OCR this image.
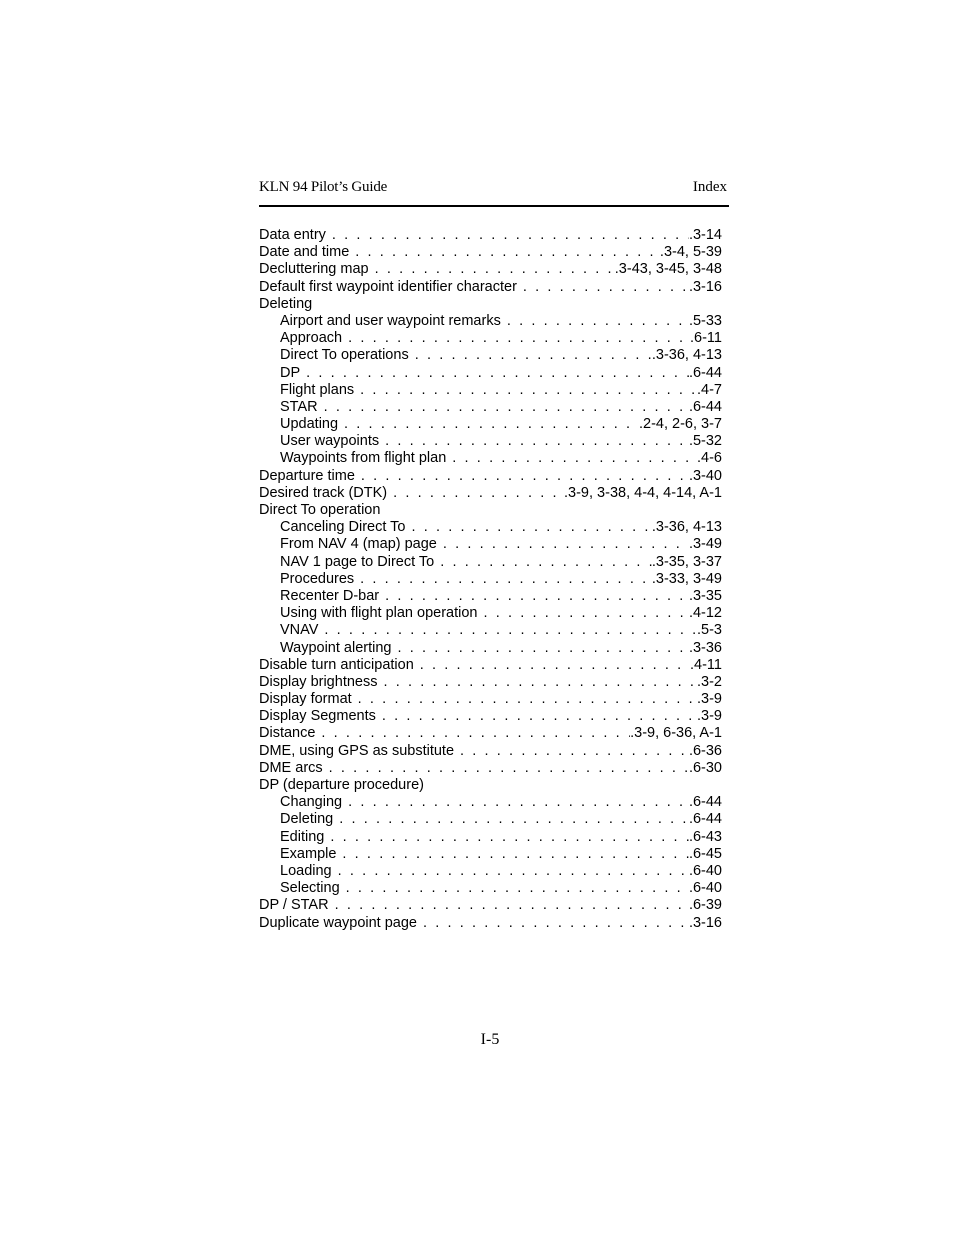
KLN 94 Pilot’s Guide	Index
Data entry . . .	.3-14
Date and time . . .	.3-4, 5-39
Decluttering map . . .	.3-43, 3-45, 3-48
Default first waypoint identifier character . . .	.3-16
Deleting
Airport and user waypoint remarks . . .	.5-33
Approach . . .	.6-11
Direct To operations . . .	.3-36, 4-13
DP . . .	.6-44
Flight plans . . .	.4-7
STAR . . .	.6-44
Updating . . .	.2-4, 2-6, 3-7
User waypoints . . .	.5-32
Waypoints from flight plan . . .	.4-6
Departure time . . .	.3-40
Desired track (DTK) . . .	.3-9, 3-38, 4-4, 4-14, A-1
Direct To operation
Canceling Direct To . . .	.3-36, 4-13
From NAV 4 (map) page . . .	.3-49
NAV 1 page to Direct To . . .	.3-35, 3-37
Procedures . . .	.3-33, 3-49
Recenter D-bar . . .	.3-35
Using with flight plan operation . . .	.4-12
VNAV . . .	.5-3
Waypoint alerting . . .	.3-36
Disable turn anticipation . . .	.4-11
Display brightness . . .	.3-2
Display format . . .	.3-9
Display Segments . . .	.3-9
Distance . . .	.3-9, 6-36, A-1
DME, using GPS as substitute . . .	.6-36
DME arcs . . .	.6-30
DP (departure procedure)
Changing . . .	.6-44
Deleting . . .	.6-44
Editing . . .	.6-43
Example . . .	.6-45
Loading . . .	.6-40
Selecting . . .	.6-40
DP / STAR . . .	.6-39
Duplicate waypoint page . . .	.3-16
I-5
